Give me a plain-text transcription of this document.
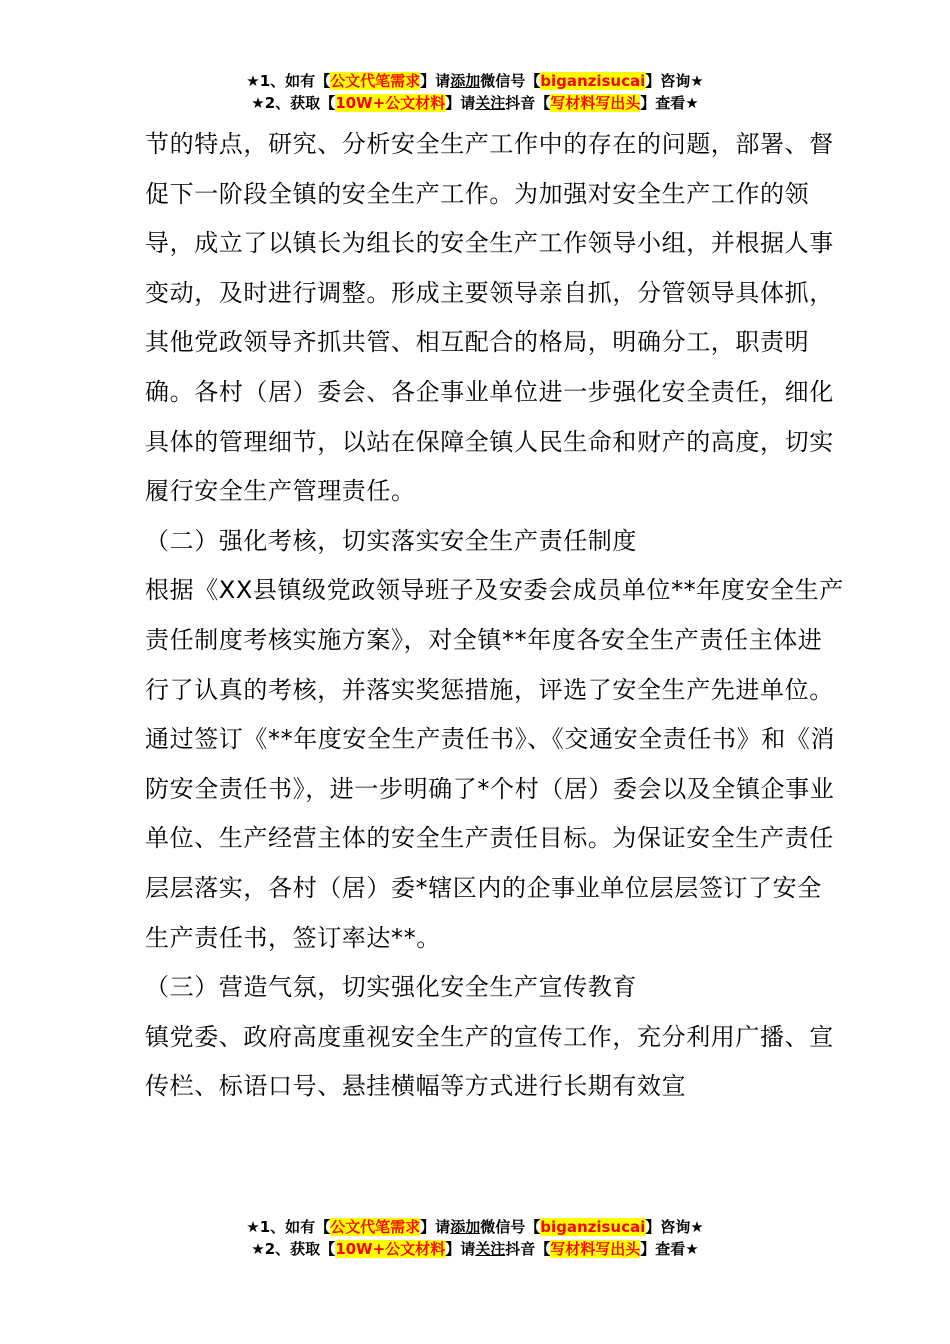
★1、如有【公文代笔需求】请添加微信号【biganzisucai】咨询★
★2、获取【10W+公文材料】请关注抖音【写材料写出头】查看★

节的特点，研究、分析安全生产工作中的存在的问题，部署、督促下一阶段全镇的安全生产工作。为加强对安全生产工作的领导，成立了以镇长为组长的安全生产工作领导小组，并根据人事变动，及时进行调整。形成主要领导亲自抓，分管领导具体抓，其他党政领导齐抓共管、相互配合的格局，明确分工，职责明确。各村（居）委会、各企事业单位进一步强化安全责任，细化具体的管理细节，以站在保障全镇人民生命和财产的高度，切实履行安全生产管理责任。

（二）强化考核，切实落实安全生产责任制度

根据《XX县镇级党政领导班子及安委会成员单位**年度安全生产责任制度考核实施方案》，对全镇**年度各安全生产责任主体进行了认真的考核，并落实奖惩措施，评选了安全生产先进单位。通过签订《**年度安全生产责任书》、《交通安全责任书》和《消防安全责任书》，进一步明确了*个村（居）委会以及全镇企事业单位、生产经营主体的安全生产责任目标。为保证安全生产责任层层落实，各村（居）委*辖区内的企事业单位层层签订了安全生产责任书，签订率达**。

（三）营造气氛，切实强化安全生产宣传教育

镇党委、政府高度重视安全生产的宣传工作，充分利用广播、宣传栏、标语口号、悬挂横幅等方式进行长期有效宣

★1、如有【公文代笔需求】请添加微信号【biganzisucai】咨询★
★2、获取【10W+公文材料】请关注抖音【写材料写出头】查看★
